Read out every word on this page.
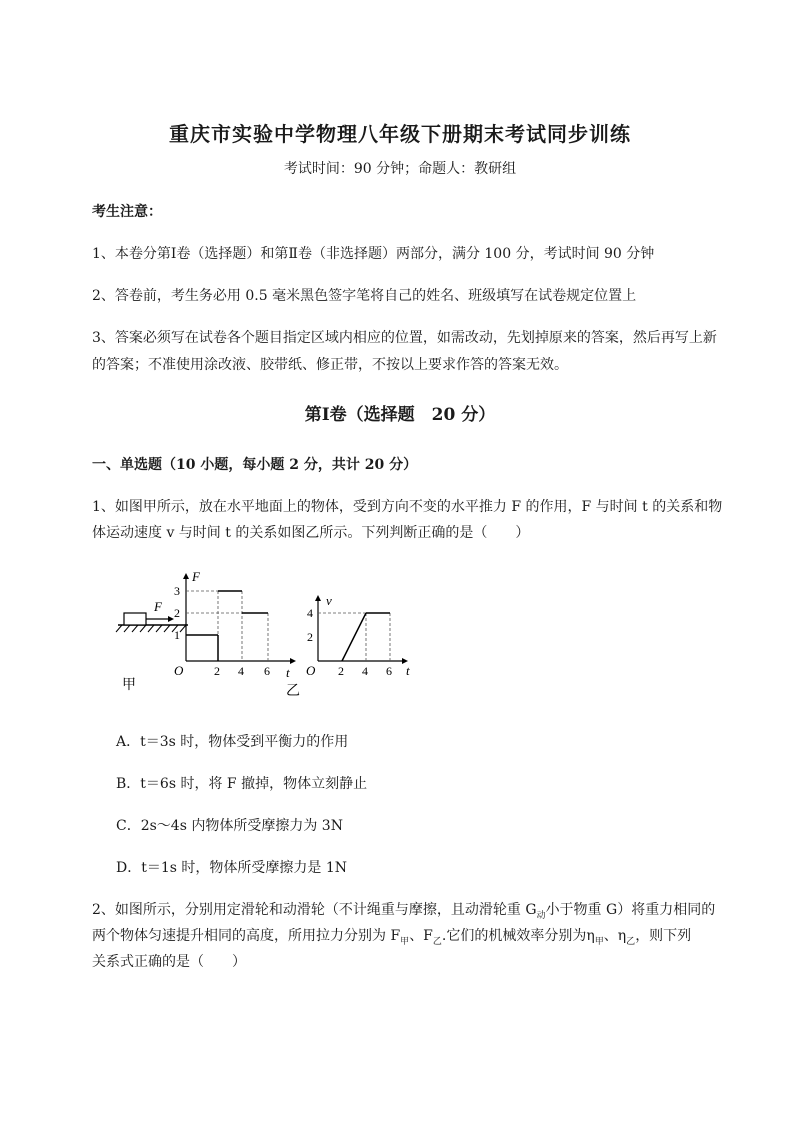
重庆市实验中学物理八年级下册期末考试同步训练
考试时间：90 分钟；命题人：教研组
考生注意：
1、本卷分第Ⅰ卷（选择题）和第Ⅱ卷（非选择题）两部分，满分 100 分，考试时间 90 分钟
2、答卷前，考生务必用 0.5 毫米黑色签字笔将自己的姓名、班级填写在试卷规定位置上
3、答案必须写在试卷各个题目指定区域内相应的位置，如需改动，先划掉原来的答案，然后再写上新
的答案；不准使用涂改液、胶带纸、修正带，不按以上要求作答的答案无效。
第Ⅰ卷（选择题　20 分）
一、单选题（10 小题，每小题 2 分，共计 20 分）
1、如图甲所示，放在水平地面上的物体，受到方向不变的水平推力 F 的作用，F 与时间 t 的关系和物
体运动速度 v 与时间 t 的关系如图乙所示。下列判断正确的是（　　）
F
甲
F
t
O
1
2
3
2 4 6
乙
v
t
O
2
4
2 4 6
A．t＝3s 时，物体受到平衡力的作用
B．t＝6s 时，将 F 撤掉，物体立刻静止
C．2s～4s 内物体所受摩擦力为 3N
D．t＝1s 时，物体所受摩擦力是 1N
2、如图所示，分别用定滑轮和动滑轮（不计绳重与摩擦，且动滑轮重 $G_动$小于物重 G）将重力相同的
两个物体匀速提升相同的高度，所用拉力分别为 $F_甲$、$F_乙$.它们的机械效率分别为$\eta_甲$、$\eta_乙$，则下列
关系式正确的是（　　）
